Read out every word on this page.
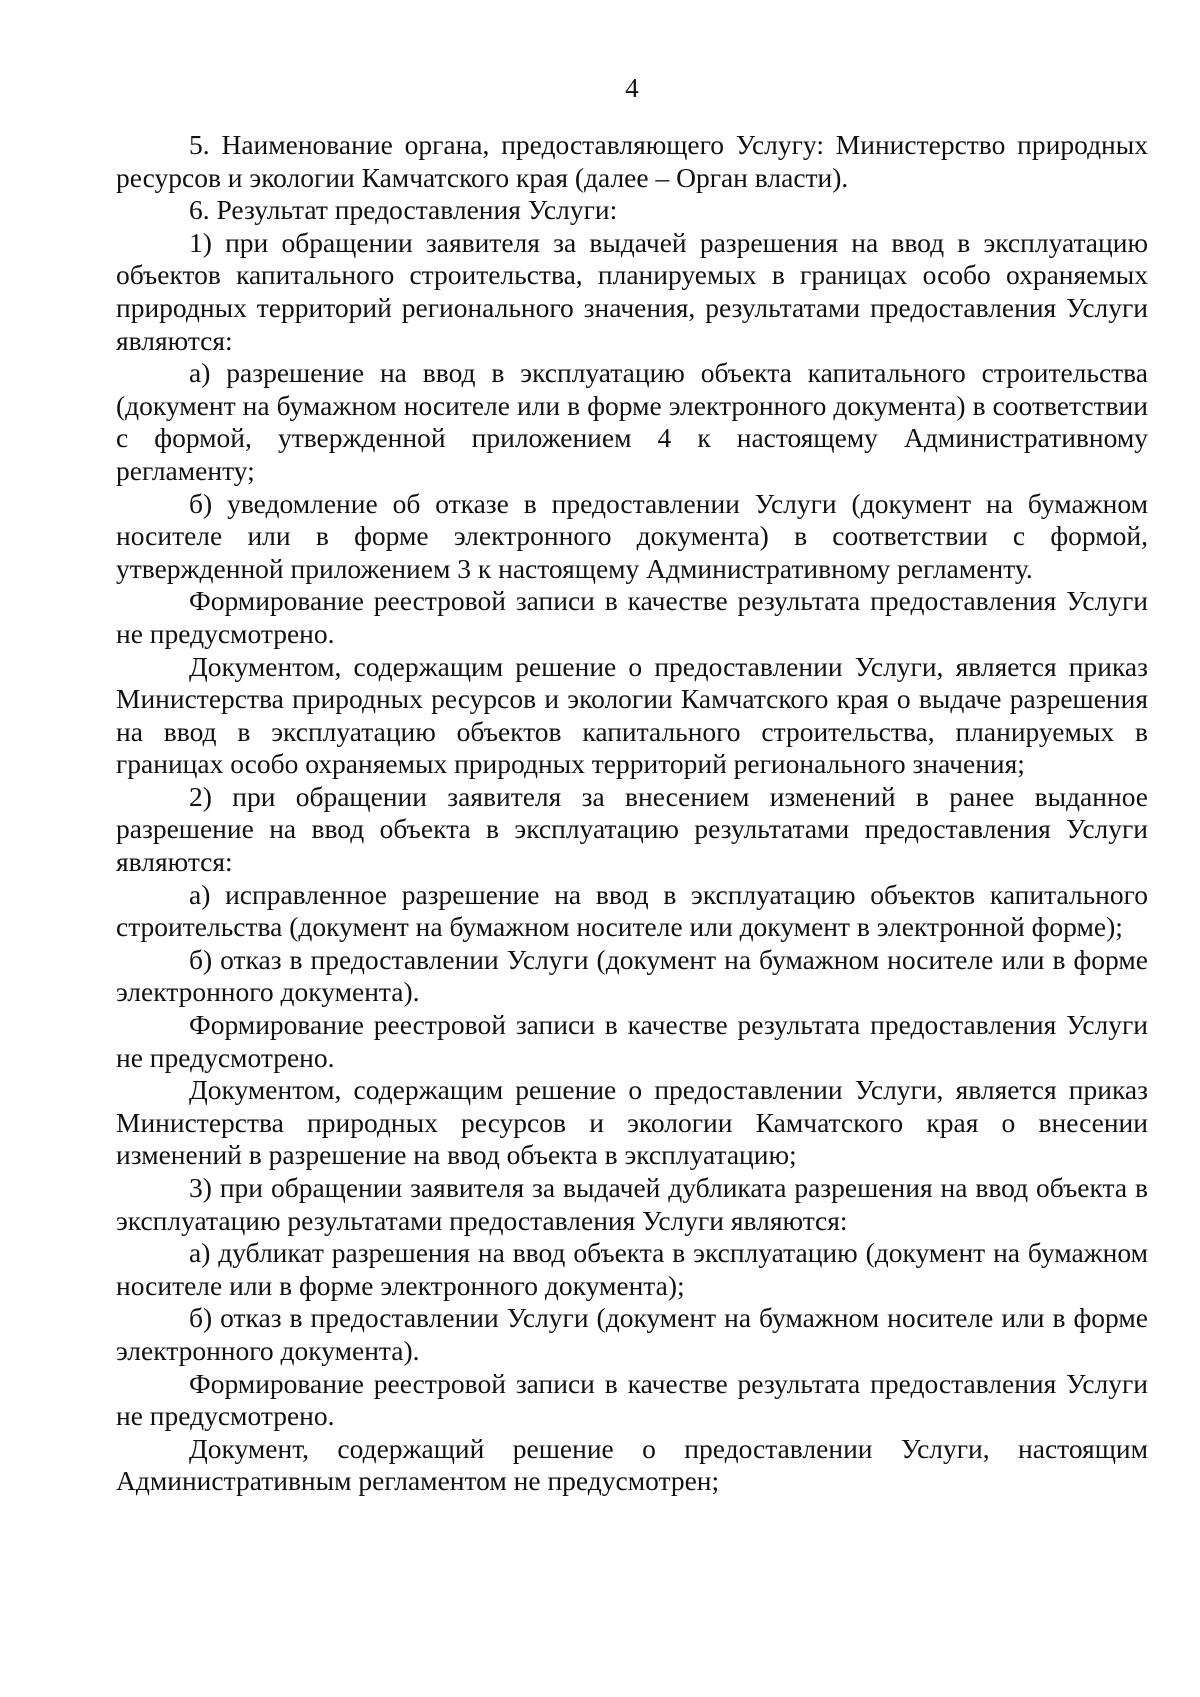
4

5. Наименование органа, предоставляющего Услугу: Министерство природных ресурсов и экологии Камчатского края (далее – Орган власти).

6. Результат предоставления Услуги:

1) при обращении заявителя за выдачей разрешения на ввод в эксплуатацию объектов капитального строительства, планируемых в границах особо охраняемых природных территорий регионального значения, результатами предоставления Услуги являются:

а) разрешение на ввод в эксплуатацию объекта капитального строительства (документ на бумажном носителе или в форме электронного документа) в соответствии с формой, утвержденной приложением 4 к настоящему Административному регламенту;

б) уведомление об отказе в предоставлении Услуги (документ на бумажном носителе или в форме электронного документа) в соответствии с формой, утвержденной приложением 3 к настоящему Административному регламенту.

Формирование реестровой записи в качестве результата предоставления Услуги не предусмотрено.

Документом, содержащим решение о предоставлении Услуги, является приказ Министерства природных ресурсов и экологии Камчатского края о выдаче разрешения на ввод в эксплуатацию объектов капитального строительства, планируемых в границах особо охраняемых природных территорий регионального значения;

2) при обращении заявителя за внесением изменений в ранее выданное разрешение на ввод объекта в эксплуатацию результатами предоставления Услуги являются:

а) исправленное разрешение на ввод в эксплуатацию объектов капитального строительства (документ на бумажном носителе или документ в электронной форме);

б) отказ в предоставлении Услуги (документ на бумажном носителе или в форме электронного документа).

Формирование реестровой записи в качестве результата предоставления Услуги не предусмотрено.

Документом, содержащим решение о предоставлении Услуги, является приказ Министерства природных ресурсов и экологии Камчатского края о внесении изменений в разрешение на ввод объекта в эксплуатацию;

3) при обращении заявителя за выдачей дубликата разрешения на ввод объекта в эксплуатацию результатами предоставления Услуги являются:

а) дубликат разрешения на ввод объекта в эксплуатацию (документ на бумажном носителе или в форме электронного документа);

б) отказ в предоставлении Услуги (документ на бумажном носителе или в форме электронного документа).

Формирование реестровой записи в качестве результата предоставления Услуги не предусмотрено.

Документ, содержащий решение о предоставлении Услуги, настоящим Административным регламентом не предусмотрен;
